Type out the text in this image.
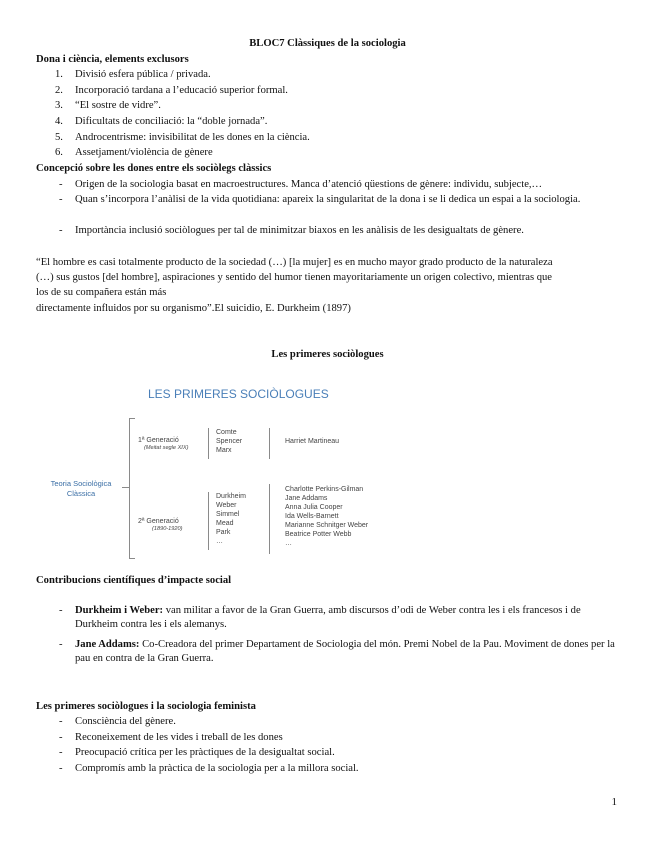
BLOC7 Clàssiques de la sociologia
Dona i ciència, elements exclusors
1. Divisió esfera pública / privada.
2. Incorporació tardana a l’educació superior formal.
3. “El sostre de vidre”.
4. Dificultats de conciliació: la “doble jornada”.
5. Androcentrisme: invisibilitat de les dones en la ciència.
6. Assetjament/violència de gènere
Concepció sobre les dones entre els sociòlegs clàssics
- Origen de la sociologia basat en macroestructures. Manca d’atenció qüestions de gènere: individu, subjecte,…
- Quan s’incorpora l’anàlisi de la vida quotidiana: apareix la singularitat de la dona i se li dedica un espai a la sociologia.
- Importància inclusió sociòlogues per tal de minimitzar biaxos en les anàlisis de les desigualtats de gènere.
“El hombre es casi totalmente producto de la sociedad (…) [la mujer] es en mucho mayor grado producto de la naturaleza
(…) sus gustos [del hombre], aspiraciones y sentido del humor tienen mayoritariamente un origen colectivo, mientras que
los de su compañera están más
directamente influidos por su organismo”.El suicidio, E. Durkheim (1897)
Les primeres sociòlogues
LES PRIMERES SOCIÒLOGUES
Teoria Sociològica
Clàssica
1ª Generació
(Meitat segle XIX)
Comte
Spencer
Marx
Harriet Martineau
2ª Generació
(1890-1920)
Durkheim
Weber
Simmel
Mead
Park
…
Charlotte Perkins-Gilman
Jane Addams
Anna Julia Cooper
Ida Wells-Barnett
Marianne Schnitger Weber
Beatrice Potter Webb
…
Contribucions científiques d’impacte social
- Durkheim i Weber: van militar a favor de la Gran Guerra, amb discursos d’odi de Weber contra les i els francesos i de Durkheim contra les i els alemanys.
- Jane Addams: Co-Creadora del primer Departament de Sociologia del món. Premi Nobel de la Pau. Moviment de dones per la pau en contra de la Gran Guerra.
Les primeres sociòlogues i la sociologia feminista
- Consciència del gènere.
- Reconeixement de les vides i treball de les dones
- Preocupació crítica per les pràctiques de la desigualtat social.
- Compromís amb la pràctica de la sociologia per a la millora social.
1
